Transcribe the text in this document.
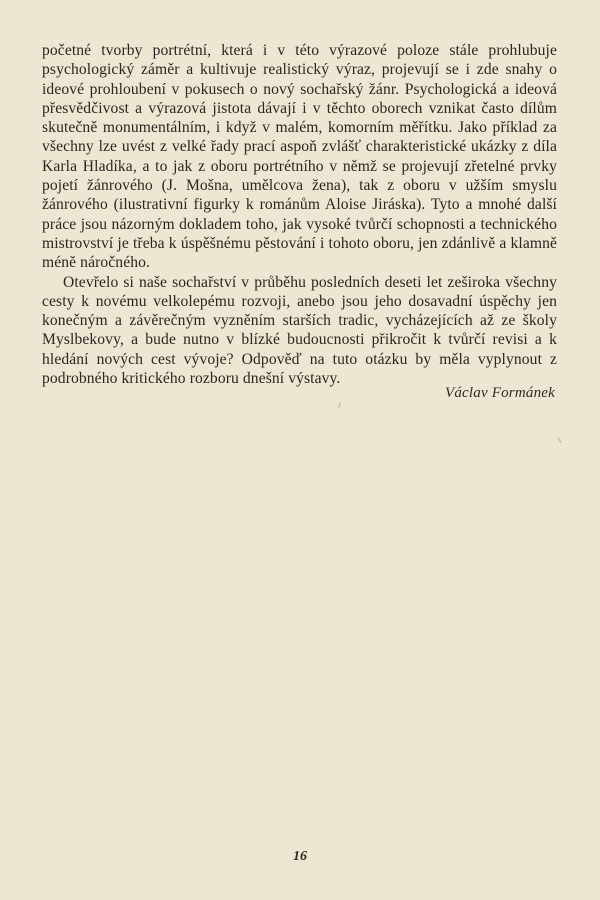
početné tvorby portrétní, která i v této výrazové poloze stále prohlubuje psychologický záměr a kultivuje realistický výraz, projevují se i zde snahy o ideové prohloubení v pokusech o nový sochařský žánr. Psychologická a ideová přesvědčivost a výrazová jistota dávají i v těchto oborech vznikat často dílům skutečně monumentálním, i když v malém, komorním měřítku. Jako příklad za všechny lze uvést z velké řady prací aspoň zvlášť charakteristické ukázky z díla Karla Hladíka, a to jak z oboru portrétního v němž se projevují zřetelné prvky pojetí žánrového (J. Mošna, umělcova žena), tak z oboru v užším smyslu žánrového (ilustrativní figurky k románům Aloise Jiráska). Tyto a mnohé další práce jsou názorným dokladem toho, jak vysoké tvůrčí schopnosti a technického mistrovství je třeba k úspěšnému pěstování i tohoto oboru, jen zdánlivě a klamně méně náročného.

Otevřelo si naše sochařství v průběhu posledních deseti let zeširoka všechny cesty k novému velkolepému rozvoji, anebo jsou jeho dosavadní úspěchy jen konečným a závěrečným vyzněním starších tradic, vycházejících až ze školy Myslbekovy, a bude nutno v blízké budoucnosti přikročit k tvůrčí revisi a k hledání nových cest vývoje? Odpověď na tuto otázku by měla vyplynout z podrobného kritického rozboru dnešní výstavy.

Václav Formánek
16
